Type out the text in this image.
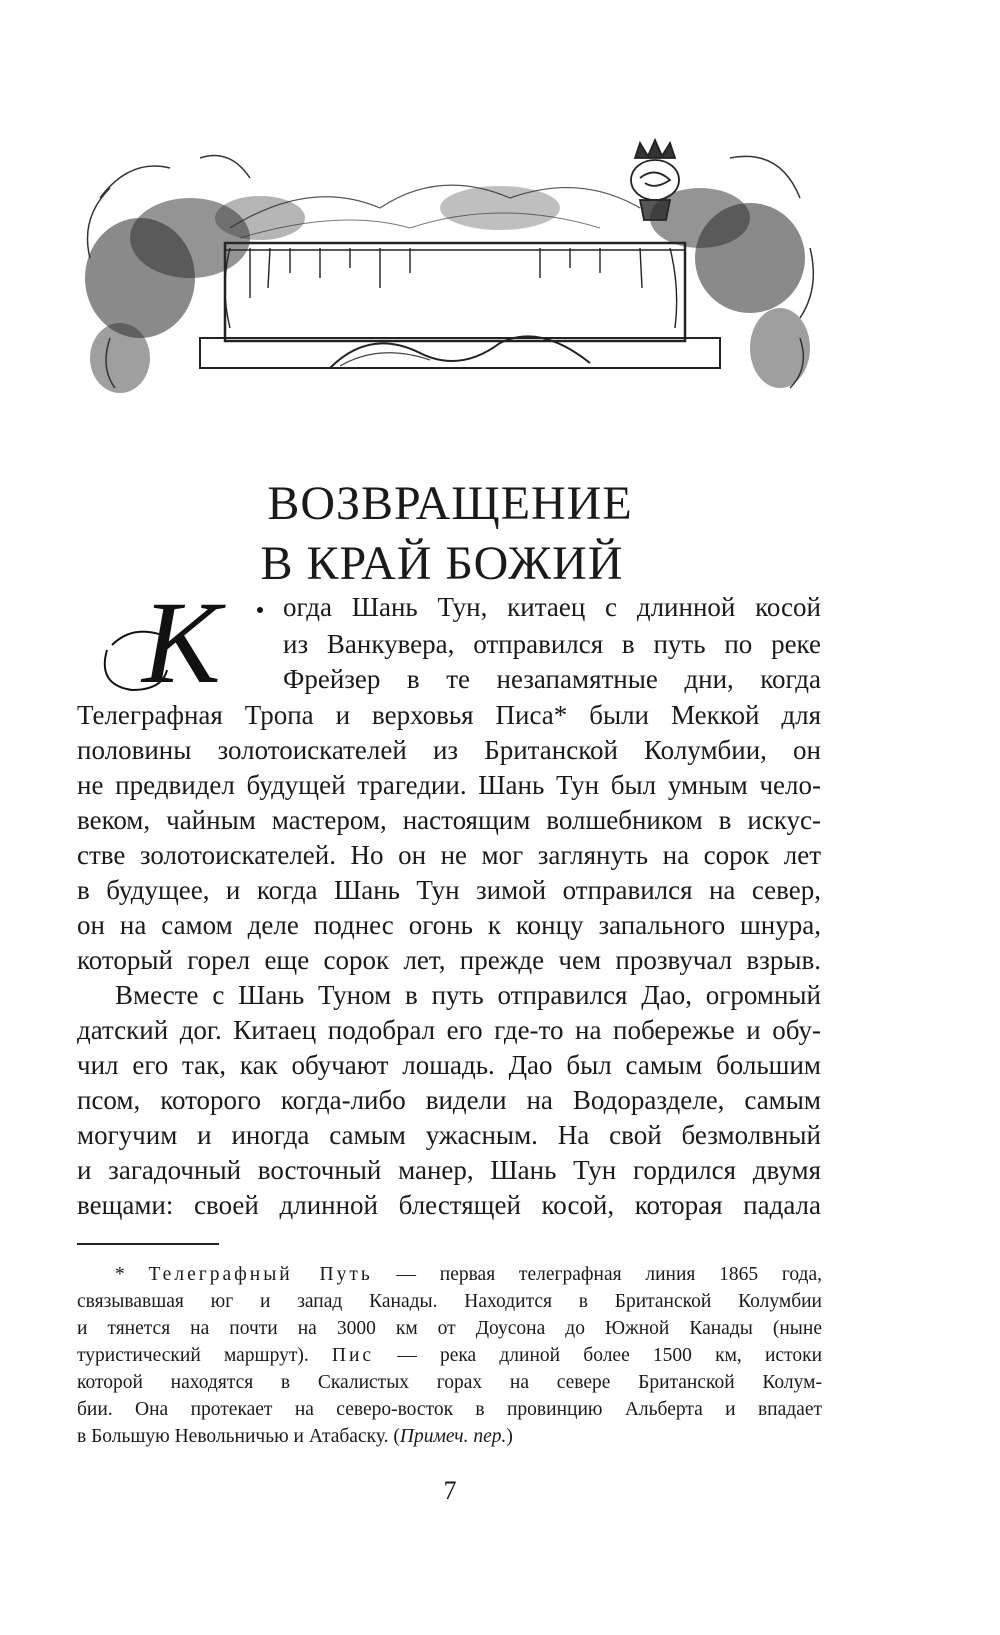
ВОЗВРАЩЕНИЕ
В КРАЙ БОЖИЙ
K огда Шань Тун, китаец с длинной косой

из Ванкувера, отправился в путь по реке

Фрейзер в те незапамятные дни, когда

Телеграфная Тропа и верховья Писа* были Меккой для

половины золотоискателей из Британской Колумбии, он

не предвидел будущей трагедии. Шань Тун был умным чело-

веком, чайным мастером, настоящим волшебником в искус-

стве золотоискателей. Но он не мог заглянуть на сорок лет

в будущее, и когда Шань Тун зимой отправился на север,

он на самом деле поднес огонь к концу запального шнура,

который горел еще сорок лет, прежде чем прозвучал взрыв.

Вместе с Шань Туном в путь отправился Дао, огромный

датский дог. Китаец подобрал его где-то на побережье и обу-

чил его так, как обучают лошадь. Дао был самым большим

псом, которого когда-либо видели на Водоразделе, самым

могучим и иногда самым ужасным. На свой безмолвный

и загадочный восточный манер, Шань Тун гордился двумя

вещами: своей длинной блестящей косой, которая падала

* Телеграфный Путь — первая телеграфная линия 1865 года,

связывавшая юг и запад Канады. Находится в Британской Колумбии

и тянется на почти на 3000 км от Доусона до Южной Канады (ныне

туристический маршрут). Пис — река длиной более 1500 км, истоки

которой находятся в Скалистых горах на севере Британской Колум-

бии. Она протекает на северо-восток в провинцию Альберта и впадает

в Большую Невольничью и Атабаску. (Примеч. пер.)

7
